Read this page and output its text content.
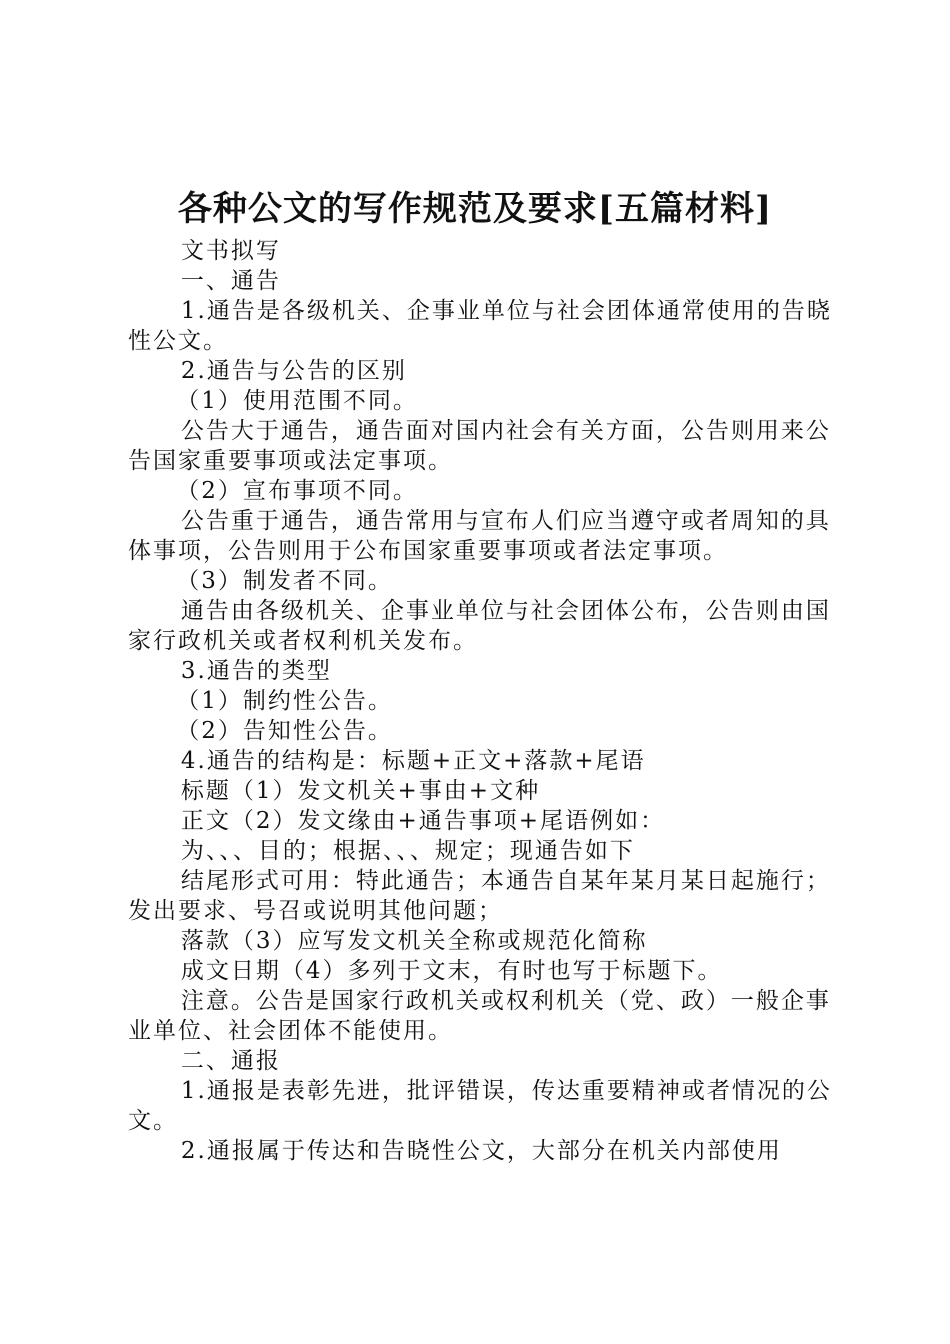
各种公文的写作规范及要求[五篇材料]

文书拟写

一、通告

1.通告是各级机关、企事业单位与社会团体通常使用的告晓性公文。

2.通告与公告的区别

（1）使用范围不同。

公告大于通告，通告面对国内社会有关方面，公告则用来公告国家重要事项或法定事项。

（2）宣布事项不同。

公告重于通告，通告常用与宣布人们应当遵守或者周知的具体事项，公告则用于公布国家重要事项或者法定事项。

（3）制发者不同。

通告由各级机关、企事业单位与社会团体公布，公告则由国家行政机关或者权利机关发布。

3.通告的类型

（1）制约性公告。

（2）告知性公告。

4.通告的结构是：标题+正文+落款+尾语

标题（1）发文机关+事由+文种

正文（2）发文缘由+通告事项+尾语例如：

为、、、目的；根据、、、规定；现通告如下

结尾形式可用：特此通告；本通告自某年某月某日起施行；发出要求、号召或说明其他问题；

落款（3）应写发文机关全称或规范化简称

成文日期（4）多列于文末，有时也写于标题下。

注意。公告是国家行政机关或权利机关（党、政）一般企事业单位、社会团体不能使用。

二、通报

1.通报是表彰先进，批评错误，传达重要精神或者情况的公文。

2.通报属于传达和告晓性公文，大部分在机关内部使用
